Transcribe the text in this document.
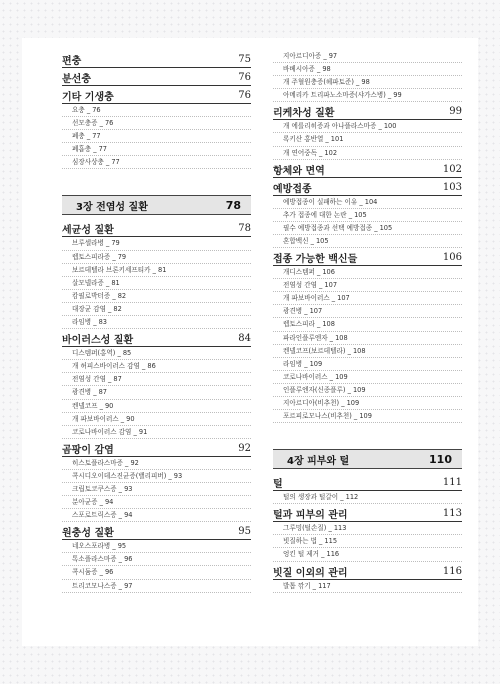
편충	75
분선충	76
기타 기생충	76
요충 _ 76
선모충증 _ 76
폐충 _ 77
폐흡충 _ 77
심장사상충 _ 77
3장 전염성 질환	78
세균성 질환	78
브루셀라병 _ 79
렙토스피라증 _ 79
보르데텔라 브론키세프티카 _ 81
살모넬라증 _ 81
캄필로박터증 _ 82
대장균 감염 _ 82
라임병 _ 83
바이러스성 질환	84
디스템퍼(홍역) _ 85
개 허피스바이러스 감염 _ 86
전염성 간염 _ 87
광견병 _ 87
켄넬코프 _ 90
개 파보바이러스 _ 90
코로나바이러스 감염 _ 91
곰팡이 감염	92
히스토플라스마증 _ 92
콕시디오이데스진균증(밸리피버) _ 93
크립토코쿠스증 _ 93
분아균증 _ 94
스포로트릭스증 _ 94
원충성 질환	95
네오스포라병 _ 95
톡소플라스마증 _ 96
콕시듐증 _ 96
트리코모나스증 _ 97
지아르디아증 _ 97
바베시아증 _ 98
개 주혈원충증(헤파토준) _ 98
아메리카 트리파노소마증(샤가스병) _ 99
리케차성 질환	99
개 에를리히증과 아나플라스마증 _ 100
록키산 홍반열 _ 101
개 연어중독 _ 102
항체와 면역	102
예방접종	103
예방접종이 실패하는 이유 _ 104
추가 접종에 대한 논란 _ 105
필수 예방접종과 선택 예방접종 _ 105
혼합백신 _ 105
접종 가능한 백신들	106
개디스템퍼 _ 106
전염성 간염 _ 107
개 파보바이러스 _ 107
광견병 _ 107
렙토스피라 _ 108
파라인플루엔자 _ 108
켄넬코프(보르데텔라) _ 108
라임병 _ 109
코로나바이러스 _ 109
인플루엔자(신종플루) _ 109
지아르디아(비추천) _ 109
포르피로모나스(비추천) _ 109
4장 피부와 털	110
털	111
털의 생장과 털갈이 _ 112
털과 피부의 관리	113
그루밍(털손질) _ 113
빗질하는 법 _ 115
엉킨 털 제거 _ 116
빗질 이외의 관리	116
발톱 깎기 _ 117
